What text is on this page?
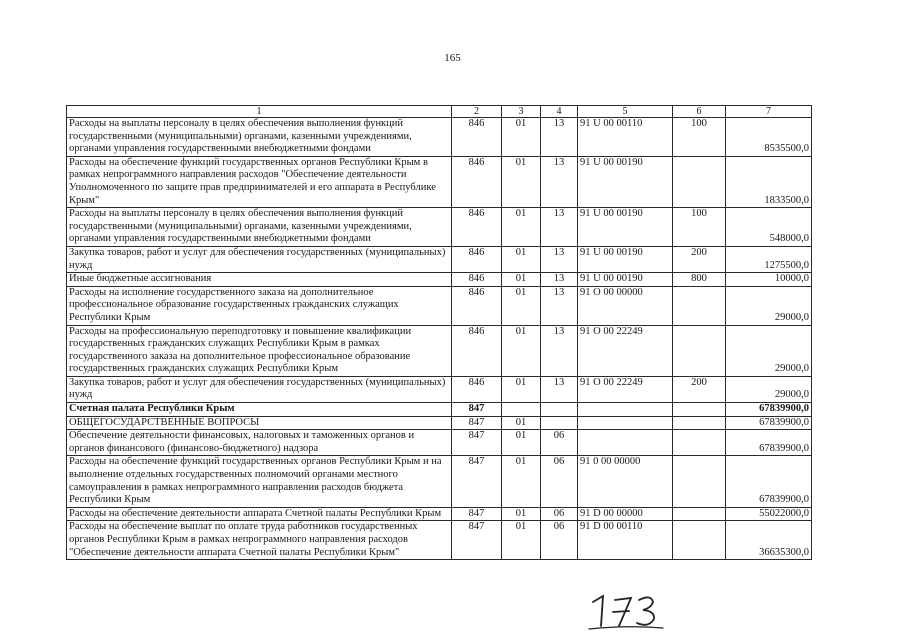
165
1	2	3	4	5	6	7
Расходы на выплаты персоналу в целях обеспечения выполнения функций государственными (муниципальными) органами, казенными учреждениями, органами управления государственными внебюджетными фондами	846	01	13	91 U 00 00110	100	8535500,0
Расходы на обеспечение функций государственных органов Республики Крым в рамках непрограммного направления расходов "Обеспечение деятельности Уполномоченного по защите прав предпринимателей и его аппарата в Республике Крым"	846	01	13	91 U 00 00190		1833500,0
Расходы на выплаты персоналу в целях обеспечения выполнения функций государственными (муниципальными) органами, казенными учреждениями, органами управления государственными внебюджетными фондами	846	01	13	91 U 00 00190	100	548000,0
Закупка товаров, работ и услуг для обеспечения государственных (муниципальных) нужд	846	01	13	91 U 00 00190	200	1275500,0
Иные бюджетные ассигнования	846	01	13	91 U 00 00190	800	10000,0
Расходы на исполнение государственного заказа на дополнительное профессиональное образование государственных гражданских служащих Республики Крым	846	01	13	91 O 00 00000		29000,0
Расходы на профессиональную переподготовку и повышение квалификации государственных гражданских служащих Республики Крым в рамках государственного заказа на дополнительное профессиональное образование государственных гражданских служащих Республики Крым	846	01	13	91 O 00 22249		29000,0
Закупка товаров, работ и услуг для обеспечения государственных (муниципальных) нужд	846	01	13	91 O 00 22249	200	29000,0
Счетная палата Республики Крым	847					67839900,0
ОБЩЕГОСУДАРСТВЕННЫЕ ВОПРОСЫ	847	01				67839900,0
Обеспечение деятельности финансовых, налоговых и таможенных органов и органов финансового (финансово-бюджетного) надзора	847	01	06			67839900,0
Расходы на обеспечение функций государственных органов Республики Крым и на выполнение отдельных государственных полномочий органами местного самоуправления в рамках непрограммного направления расходов бюджета Республики Крым	847	01	06	91 0 00 00000		67839900,0
Расходы на обеспечение деятельности аппарата Счетной палаты Республики Крым	847	01	06	91 D 00 00000		55022000,0
Расходы на обеспечение выплат по оплате труда работников государственных органов Республики Крым в рамках непрограммного направления расходов "Обеспечение деятельности аппарата Счетной палаты Республики Крым"	847	01	06	91 D 00 00110		36635300,0
